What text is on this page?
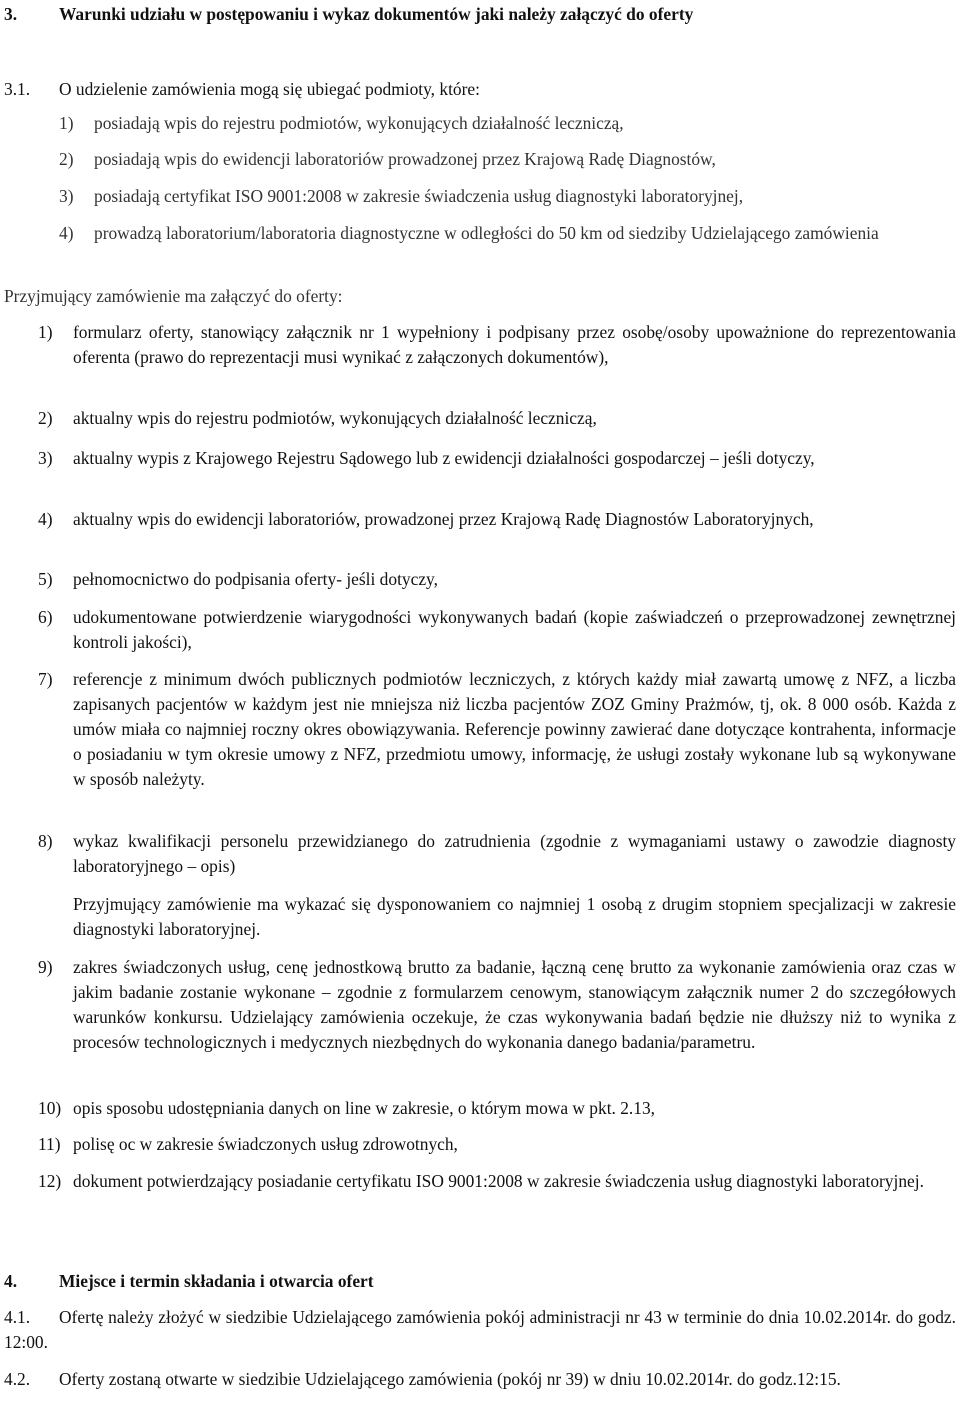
3. Warunki udziału w postępowaniu i wykaz dokumentów jaki należy załączyć do oferty
3.1. O udzielenie zamówienia mogą się ubiegać podmioty, które:
1) posiadają wpis do rejestru podmiotów, wykonujących działalność leczniczą,
2) posiadają wpis do ewidencji laboratoriów prowadzonej przez Krajową Radę Diagnostów,
3) posiadają certyfikat ISO 9001:2008 w zakresie świadczenia usług diagnostyki laboratoryjnej,
4) prowadzą laboratorium/laboratoria diagnostyczne w odległości do 50 km od siedziby Udzielającego zamówienia
Przyjmujący zamówienie ma załączyć do oferty:
1) formularz oferty, stanowiący załącznik nr 1 wypełniony i podpisany przez osobę/osoby upoważnione do reprezentowania oferenta (prawo do reprezentacji musi wynikać z załączonych dokumentów),
2) aktualny wpis do rejestru podmiotów, wykonujących działalność leczniczą,
3) aktualny wypis z Krajowego Rejestru Sądowego lub z ewidencji działalności gospodarczej – jeśli dotyczy,
4) aktualny wpis do ewidencji laboratoriów, prowadzonej przez Krajową Radę Diagnostów Laboratoryjnych,
5) pełnomocnictwo do podpisania oferty- jeśli dotyczy,
6) udokumentowane potwierdzenie wiarygodności wykonywanych badań (kopie zaświadczeń o przeprowadzonej zewnętrznej kontroli jakości),
7) referencje z minimum dwóch publicznych podmiotów leczniczych, z których każdy miał zawartą umowę z NFZ, a liczba zapisanych pacjentów w każdym jest nie mniejsza niż liczba pacjentów ZOZ Gminy Prażmów, tj, ok. 8 000 osób. Każda z umów miała co najmniej roczny okres obowiązywania. Referencje powinny zawierać dane dotyczące kontrahenta, informacje o posiadaniu w tym okresie umowy z NFZ, przedmiotu umowy, informację, że usługi zostały wykonane lub są wykonywane w sposób należyty.
8) wykaz kwalifikacji personelu przewidzianego do zatrudnienia (zgodnie z wymaganiami ustawy o zawodzie diagnosty laboratoryjnego – opis)
Przyjmujący zamówienie ma wykazać się dysponowaniem co najmniej 1 osobą z drugim stopniem specjalizacji w zakresie diagnostyki laboratoryjnej.
9) zakres świadczonych usług, cenę jednostkową brutto za badanie, łączną cenę brutto za wykonanie zamówienia oraz czas w jakim badanie zostanie wykonane – zgodnie z formularzem cenowym, stanowiącym załącznik numer 2 do szczegółowych warunków konkursu. Udzielający zamówienia oczekuje, że czas wykonywania badań będzie nie dłuższy niż to wynika z procesów technologicznych i medycznych niezbędnych do wykonania danego badania/parametru.
10) opis sposobu udostępniania danych on line w zakresie, o którym mowa w pkt. 2.13,
11) polisę oc w zakresie świadczonych usług zdrowotnych,
12) dokument potwierdzający posiadanie certyfikatu ISO 9001:2008 w zakresie świadczenia usług diagnostyki laboratoryjnej.
4. Miejsce i termin składania i otwarcia ofert
4.1.	Ofertę należy złożyć w siedzibie Udzielającego zamówienia pokój administracji nr 43 w terminie do dnia 10.02.2014r. do godz. 12:00.
4.2.	Oferty zostaną otwarte w siedzibie Udzielającego zamówienia (pokój nr 39) w dniu 10.02.2014r. do godz.12:15.
